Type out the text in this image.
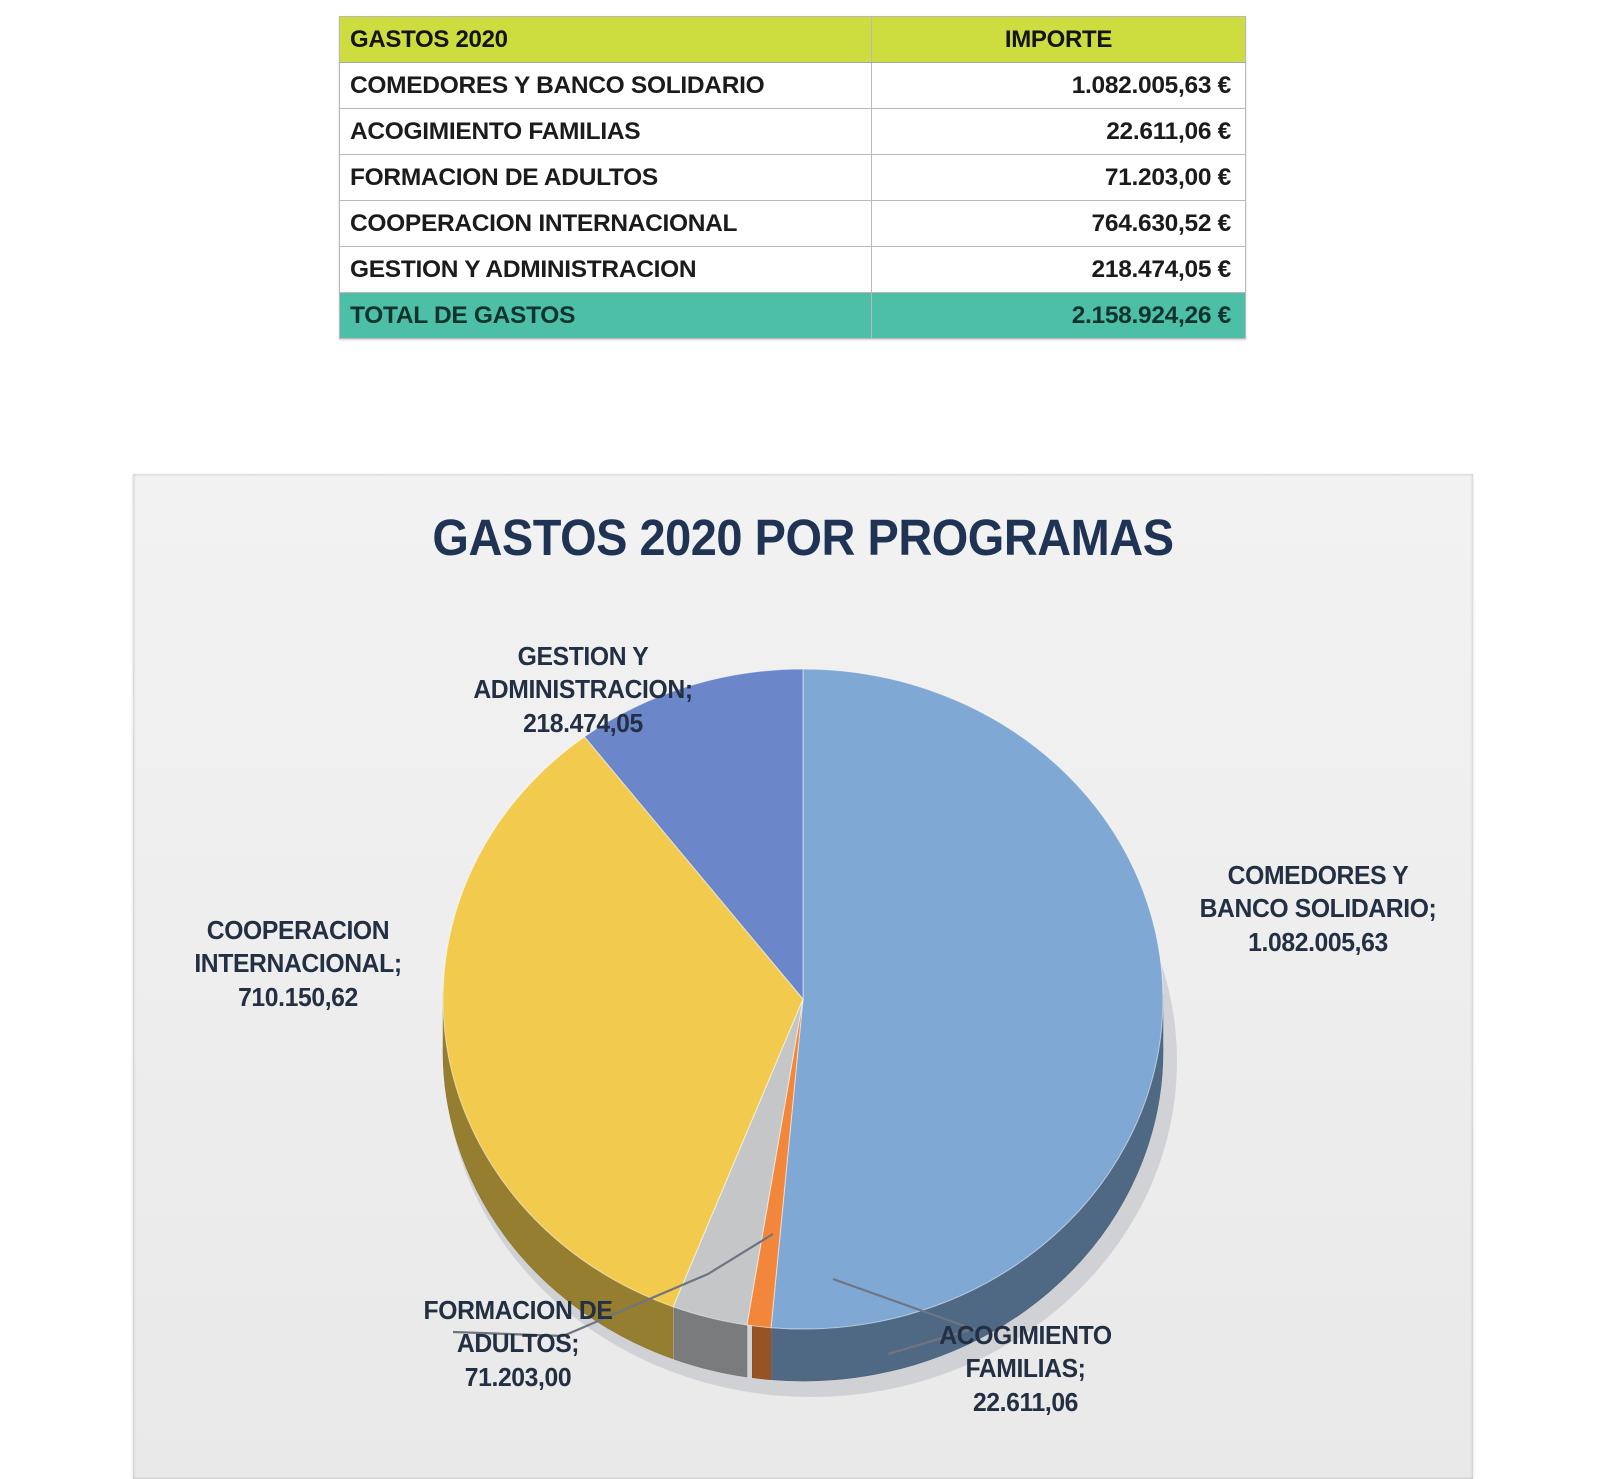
GASTOS 2020	IMPORTE
COMEDORES Y BANCO SOLIDARIO	1.082.005,63 €
ACOGIMIENTO FAMILIAS	22.611,06 €
FORMACION DE ADULTOS	71.203,00 €
COOPERACION INTERNACIONAL	764.630,52 €
GESTION Y ADMINISTRACION	218.474,05 €
TOTAL DE GASTOS	2.158.924,26 €
GASTOS 2020 POR PROGRAMAS
GESTION Y
ADMINISTRACION;
218.474,05
COMEDORES Y
BANCO SOLIDARIO;
1.082.005,63
COOPERACION
INTERNACIONAL;
710.150,62
FORMACION DE
ADULTOS;
71.203,00
ACOGIMIENTO
FAMILIAS;
22.611,06
